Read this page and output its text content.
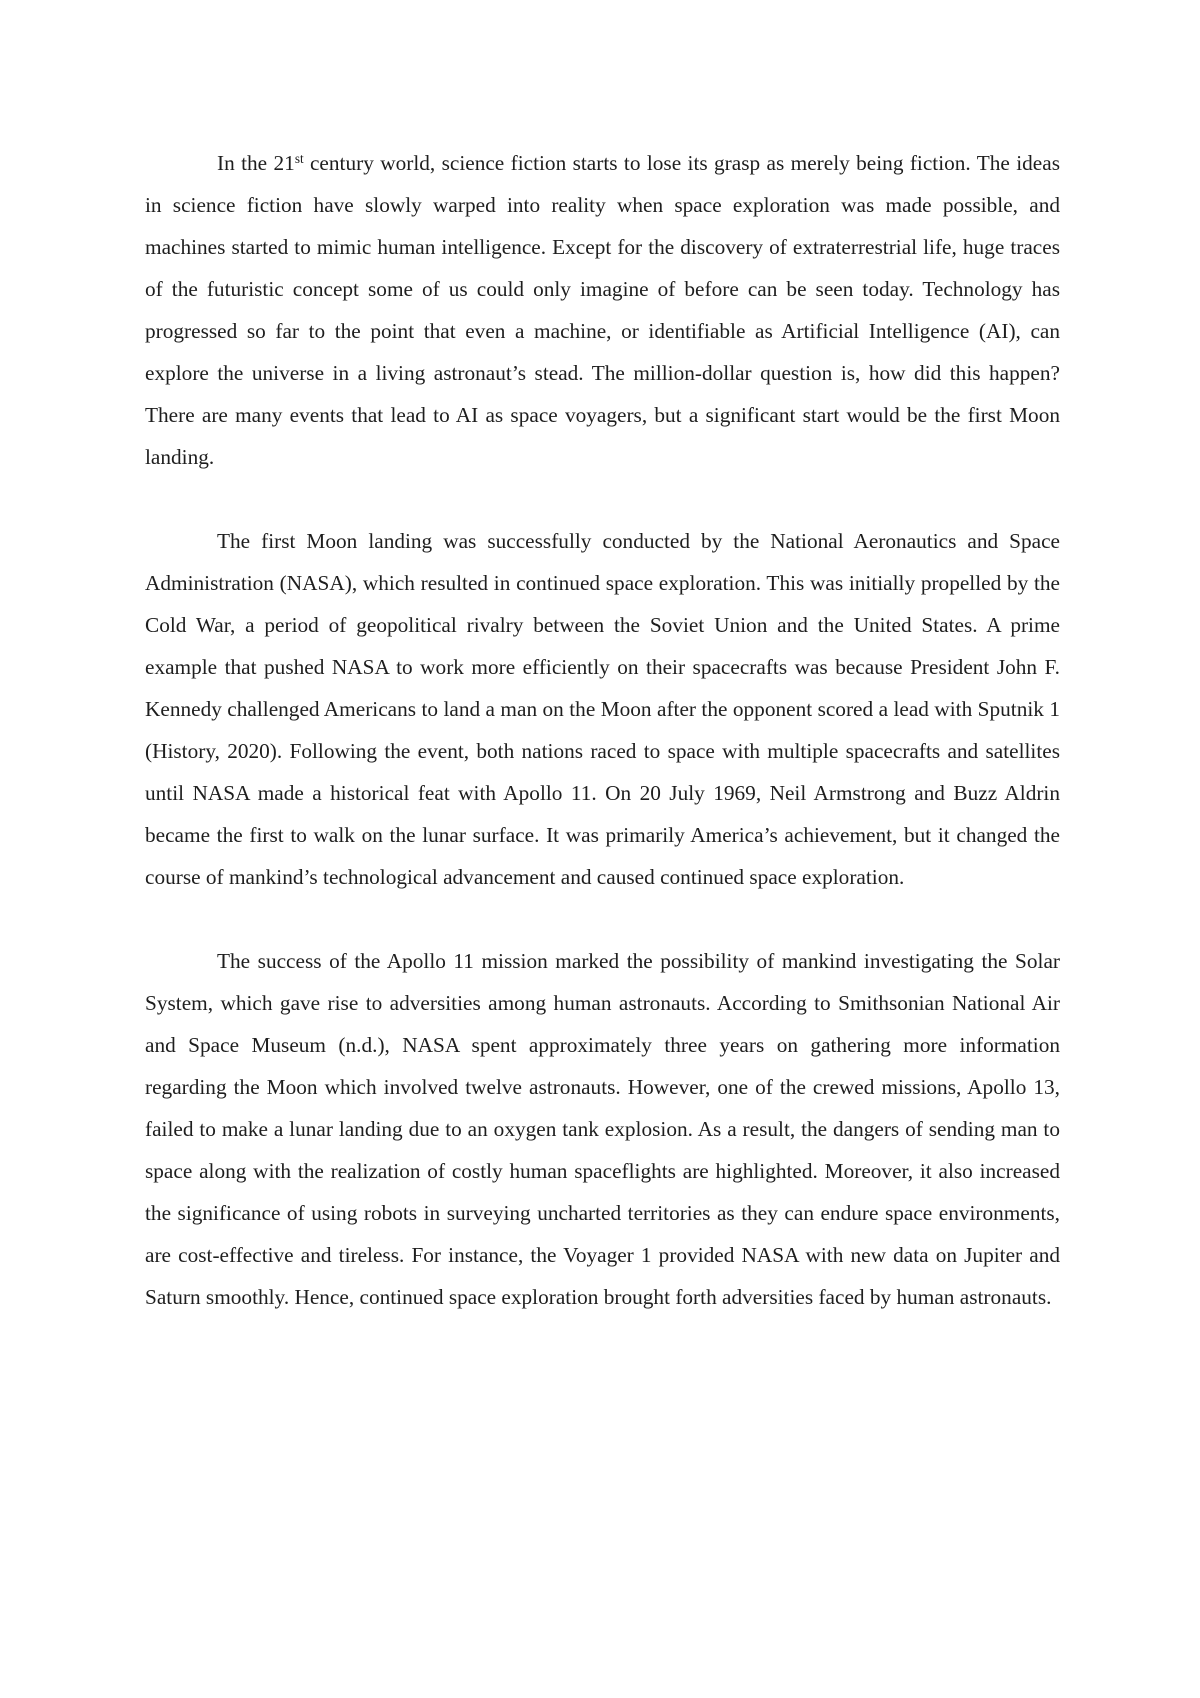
In the 21st century world, science fiction starts to lose its grasp as merely being fiction. The ideas in science fiction have slowly warped into reality when space exploration was made possible, and machines started to mimic human intelligence. Except for the discovery of extraterrestrial life, huge traces of the futuristic concept some of us could only imagine of before can be seen today. Technology has progressed so far to the point that even a machine, or identifiable as Artificial Intelligence (AI), can explore the universe in a living astronaut’s stead. The million-dollar question is, how did this happen? There are many events that lead to AI as space voyagers, but a significant start would be the first Moon landing.

The first Moon landing was successfully conducted by the National Aeronautics and Space Administration (NASA), which resulted in continued space exploration. This was initially propelled by the Cold War, a period of geopolitical rivalry between the Soviet Union and the United States. A prime example that pushed NASA to work more efficiently on their spacecrafts was because President John F. Kennedy challenged Americans to land a man on the Moon after the opponent scored a lead with Sputnik 1 (History, 2020). Following the event, both nations raced to space with multiple spacecrafts and satellites until NASA made a historical feat with Apollo 11. On 20 July 1969, Neil Armstrong and Buzz Aldrin became the first to walk on the lunar surface. It was primarily America’s achievement, but it changed the course of mankind’s technological advancement and caused continued space exploration.

The success of the Apollo 11 mission marked the possibility of mankind investigating the Solar System, which gave rise to adversities among human astronauts. According to Smithsonian National Air and Space Museum (n.d.), NASA spent approximately three years on gathering more information regarding the Moon which involved twelve astronauts. However, one of the crewed missions, Apollo 13, failed to make a lunar landing due to an oxygen tank explosion. As a result, the dangers of sending man to space along with the realization of costly human spaceflights are highlighted. Moreover, it also increased the significance of using robots in surveying uncharted territories as they can endure space environments, are cost-effective and tireless. For instance, the Voyager 1 provided NASA with new data on Jupiter and Saturn smoothly. Hence, continued space exploration brought forth adversities faced by human astronauts.
